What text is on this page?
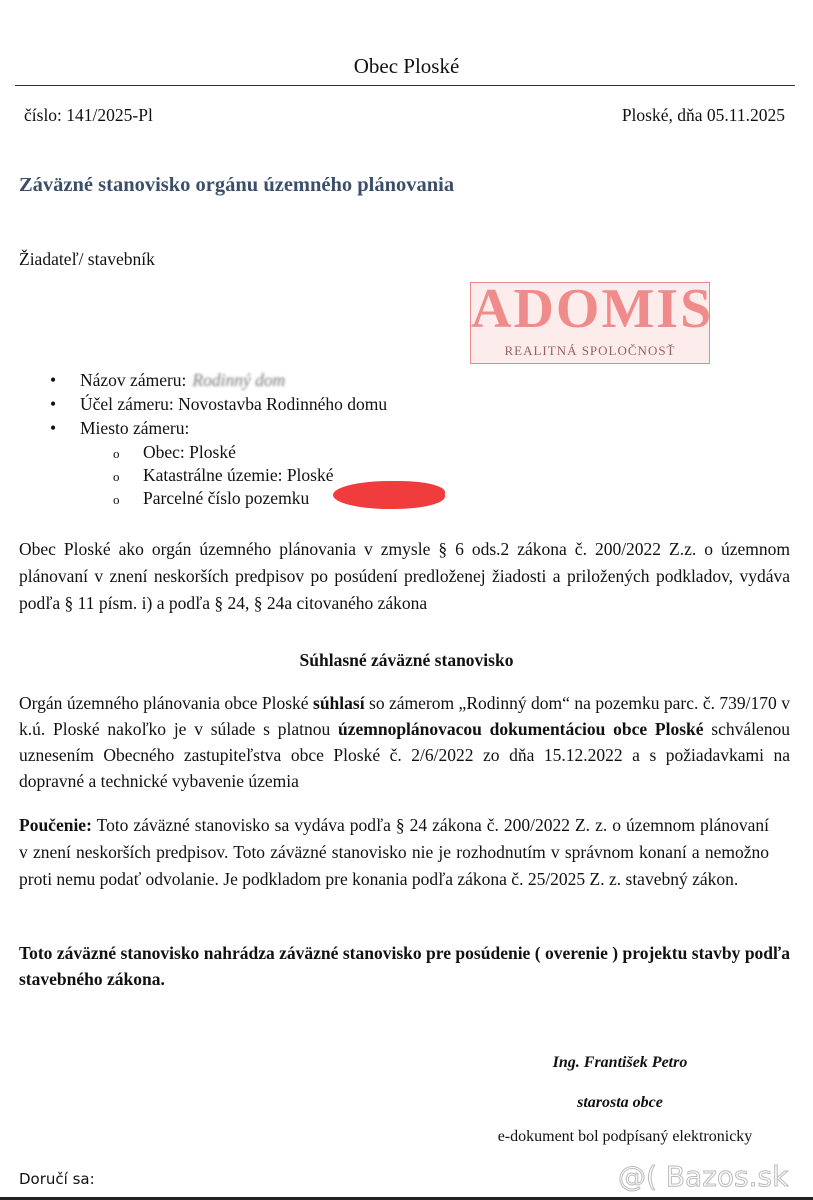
Obec Ploské
číslo: 141/2025-Pl	Ploské, dňa 05.11.2025
Záväzné stanovisko orgánu územného plánovania
Žiadateľ/ stavebník
ADOMIS
REALITNÁ SPOLOČNOSŤ
• Názov zámeru: Rodinný dom
• Účel zámeru: Novostavba Rodinného domu
• Miesto zámeru:
o Obec: Ploské
o Katastrálne územie: Ploské
o Parcelné číslo pozemku
Obec Ploské ako orgán územného plánovania v zmysle § 6 ods.2 zákona č. 200/2022 Z.z. o územnom plánovaní v znení neskorších predpisov po posúdení predloženej žiadosti a priložených podkladov, vydáva podľa § 11 písm. i) a podľa § 24, § 24a citovaného zákona
Súhlasné záväzné stanovisko
Orgán územného plánovania obce Ploské súhlasí so zámerom „Rodinný dom“ na pozemku parc. č. 739/170 v k.ú. Ploské nakoľko je v súlade s platnou územnoplánovacou dokumentáciou obce Ploské schválenou uznesením Obecného zastupiteľstva obce Ploské č. 2/6/2022 zo dňa 15.12.2022 a s požiadavkami na dopravné a technické vybavenie územia
Poučenie: Toto záväzné stanovisko sa vydáva podľa § 24 zákona č. 200/2022 Z. z. o územnom plánovaní v znení neskorších predpisov. Toto záväzné stanovisko nie je rozhodnutím v správnom konaní a nemožno proti nemu podať odvolanie. Je podkladom pre konania podľa zákona č. 25/2025 Z. z. stavebný zákon.
Toto záväzné stanovisko nahrádza záväzné stanovisko pre posúdenie ( overenie ) projektu stavby podľa stavebného zákona.
Ing. František Petro
starosta obce
e-dokument bol podpísaný elektronicky
Doručí sa:	@( Bazos.sk
